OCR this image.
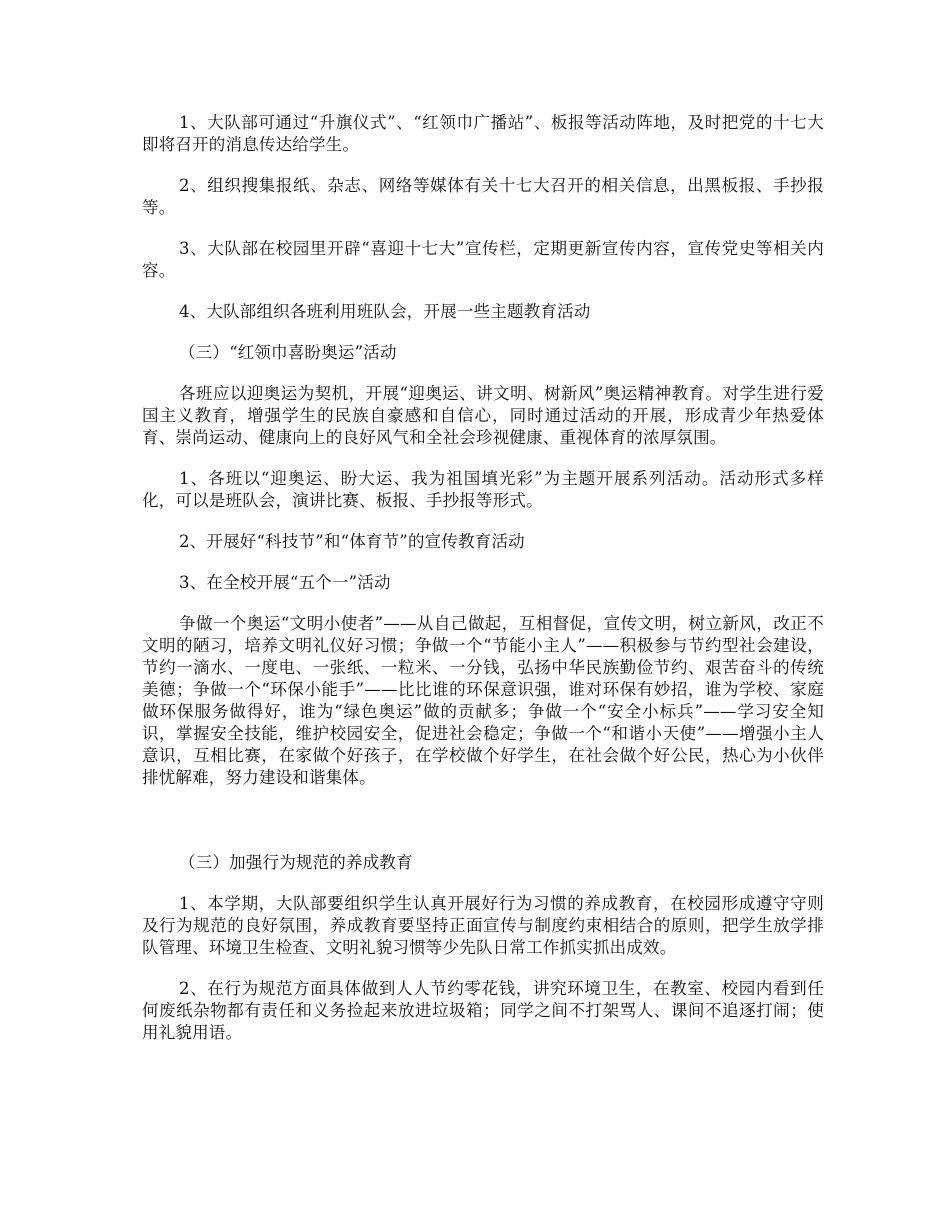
1、大队部可通过“升旗仪式”、“红领巾广播站”、板报等活动阵地，及时把党的十七大即将召开的消息传达给学生。

2、组织搜集报纸、杂志、网络等媒体有关十七大召开的相关信息，出黑板报、手抄报等。

3、大队部在校园里开辟“喜迎十七大”宣传栏，定期更新宣传内容，宣传党史等相关内容。

4、大队部组织各班利用班队会，开展一些主题教育活动

（三）“红领巾喜盼奥运”活动

各班应以迎奥运为契机，开展“迎奥运、讲文明、树新风”奥运精神教育。对学生进行爱国主义教育，增强学生的民族自豪感和自信心，同时通过活动的开展，形成青少年热爱体育、崇尚运动、健康向上的良好风气和全社会珍视健康、重视体育的浓厚氛围。

1、各班以“迎奥运、盼大运、我为祖国填光彩”为主题开展系列活动。活动形式多样化，可以是班队会，演讲比赛、板报、手抄报等形式。

2、开展好“科技节”和“体育节”的宣传教育活动

3、在全校开展“五个一”活动

争做一个奥运“文明小使者”——从自己做起，互相督促，宣传文明，树立新风，改正不文明的陋习，培养文明礼仪好习惯；争做一个“节能小主人”——积极参与节约型社会建设，节约一滴水、一度电、一张纸、一粒米、一分钱，弘扬中华民族勤俭节约、艰苦奋斗的传统美德；争做一个“环保小能手”——比比谁的环保意识强，谁对环保有妙招，谁为学校、家庭做环保服务做得好，谁为“绿色奥运”做的贡献多；争做一个“安全小标兵”——学习安全知识，掌握安全技能，维护校园安全，促进社会稳定；争做一个“和谐小天使”——增强小主人意识，互相比赛，在家做个好孩子，在学校做个好学生，在社会做个好公民，热心为小伙伴排忧解难，努力建设和谐集体。

（三）加强行为规范的养成教育

1、本学期，大队部要组织学生认真开展好行为习惯的养成教育，在校园形成遵守守则及行为规范的良好氛围，养成教育要坚持正面宣传与制度约束相结合的原则，把学生放学排队管理、环境卫生检查、文明礼貌习惯等少先队日常工作抓实抓出成效。

2、在行为规范方面具体做到人人节约零花钱，讲究环境卫生，在教室、校园内看到任何废纸杂物都有责任和义务捡起来放进垃圾箱；同学之间不打架骂人、课间不追逐打闹；使用礼貌用语。
